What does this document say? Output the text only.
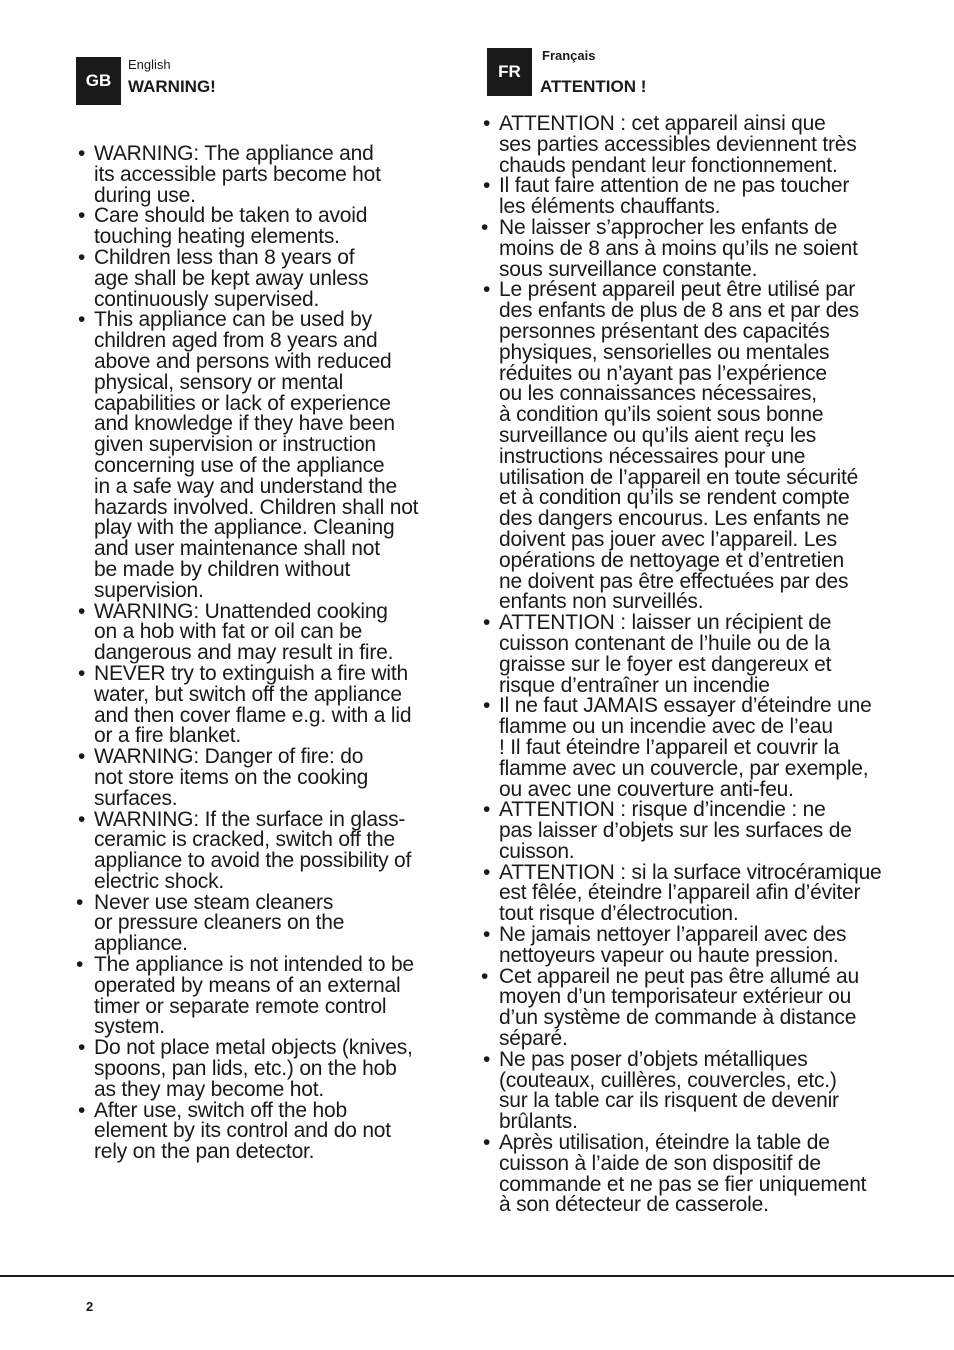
GB
English
WARNING!
• WARNING: The appliance and
its accessible parts become hot
during use.
• Care should be taken to avoid
touching heating elements.
• Children less than 8 years of
age shall be kept away unless
continuously supervised.
• This appliance can be used by
children aged from 8 years and
above and persons with reduced
physical, sensory or mental
capabilities or lack of experience
and knowledge if they have been
given supervision or instruction
concerning use of the appliance
in a safe way and understand the
hazards involved. Children shall not
play with the appliance. Cleaning
and user maintenance shall not
be made by children without
supervision.
• WARNING: Unattended cooking
on a hob with fat or oil can be
dangerous and may result in fire.
• NEVER try to extinguish a fire with
water, but switch off the appliance
and then cover flame e.g. with a lid
or a fire blanket.
• WARNING: Danger of fire: do
not store items on the cooking
surfaces.
• WARNING: If the surface in glass-
ceramic is cracked, switch off the
appliance to avoid the possibility of
electric shock.
• Never use steam cleaners
or pressure cleaners on the
appliance.
• The appliance is not intended to be
operated by means of an external
timer or separate remote control
system.
• Do not place metal objects (knives,
spoons, pan lids, etc.) on the hob
as they may become hot.
• After use, switch off the hob
element by its control and do not
rely on the pan detector.
FR
Français
ATTENTION !
• ATTENTION : cet appareil ainsi que
ses parties accessibles deviennent très
chauds pendant leur fonctionnement.
• Il faut faire attention de ne pas toucher
les éléments chauffants.
• Ne laisser s’approcher les enfants de
moins de 8 ans à moins qu’ils ne soient
sous surveillance constante.
• Le présent appareil peut être utilisé par
des enfants de plus de 8 ans et par des
personnes présentant des capacités
physiques, sensorielles ou mentales
réduites ou n’ayant pas l’expérience
ou les connaissances nécessaires,
à condition qu’ils soient sous bonne
surveillance ou qu’ils aient reçu les
instructions nécessaires pour une
utilisation de l’appareil en toute sécurité
et à condition qu’ils se rendent compte
des dangers encourus. Les enfants ne
doivent pas jouer avec l’appareil. Les
opérations de nettoyage et d’entretien
ne doivent pas être effectuées par des
enfants non surveillés.
• ATTENTION : laisser un récipient de
cuisson contenant de l’huile ou de la
graisse sur le foyer est dangereux et
risque d’entraîner un incendie
• Il ne faut JAMAIS essayer d’éteindre une
flamme ou un incendie avec de l’eau
! Il faut éteindre l’appareil et couvrir la
flamme avec un couvercle, par exemple,
ou avec une couverture anti-feu.
• ATTENTION : risque d’incendie : ne
pas laisser d’objets sur les surfaces de
cuisson.
• ATTENTION : si la surface vitrocéramique
est fêlée, éteindre l’appareil afin d’éviter
tout risque d’électrocution.
• Ne jamais nettoyer l’appareil avec des
nettoyeurs vapeur ou haute pression.
• Cet appareil ne peut pas être allumé au
moyen d’un temporisateur extérieur ou
d’un système de commande à distance
séparé.
• Ne pas poser d’objets métalliques
(couteaux, cuillères, couvercles, etc.)
sur la table car ils risquent de devenir
brûlants.
• Après utilisation, éteindre la table de
cuisson à l’aide de son dispositif de
commande et ne pas se fier uniquement
à son détecteur de casserole.
2
